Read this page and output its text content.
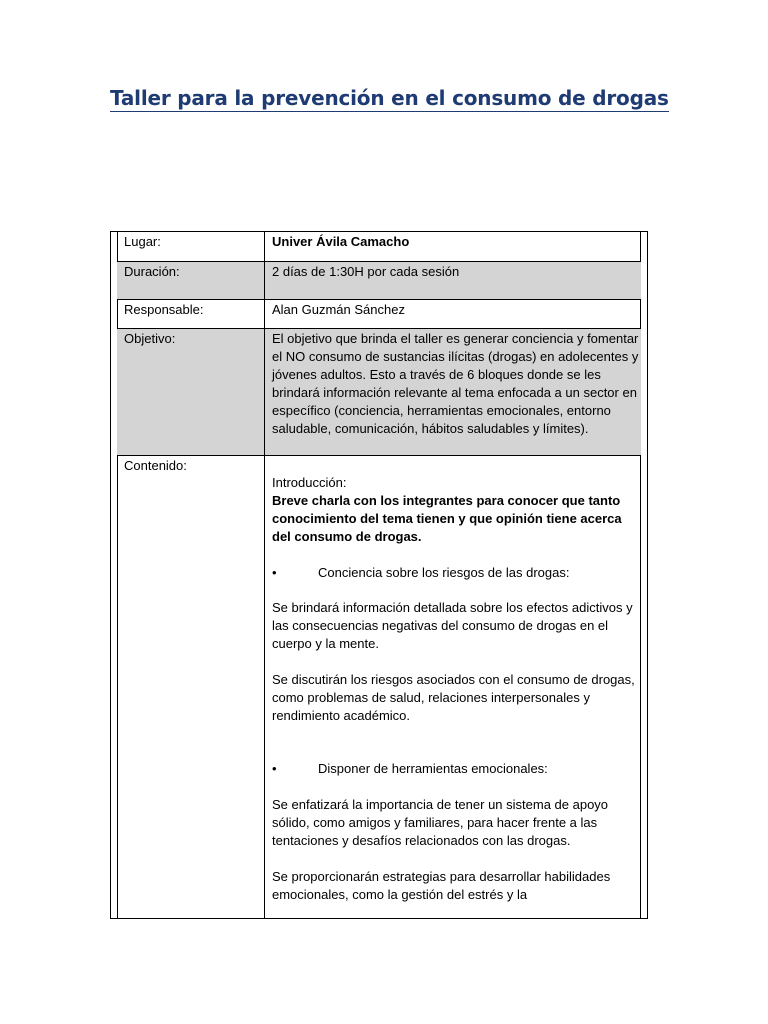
Taller para la prevención en el consumo de drogas
Lugar:	Univer Ávila Camacho
Duración:	2 días de 1:30H por cada sesión
Responsable:	Alan Guzmán Sánchez
Objetivo:	El objetivo que brinda el taller es generar conciencia y fomentar el NO consumo de sustancias ilícitas (drogas) en adolecentes y jóvenes adultos. Esto a través de 6 bloques donde se les brindará información relevante al tema enfocada a un sector en específico (conciencia, herramientas emocionales, entorno saludable, comunicación, hábitos saludables y límites).
Contenido:

Introducción:

Breve charla con los integrantes para conocer que tanto conocimiento del tema tienen y que opinión tiene acerca del consumo de drogas.

•	Conciencia sobre los riesgos de las drogas:

Se brindará información detallada sobre los efectos adictivos y las consecuencias negativas del consumo de drogas en el cuerpo y la mente.

Se discutirán los riesgos asociados con el consumo de drogas, como problemas de salud, relaciones interpersonales y rendimiento académico.

•	Disponer de herramientas emocionales:

Se enfatizará la importancia de tener un sistema de apoyo sólido, como amigos y familiares, para hacer frente a las tentaciones y desafíos relacionados con las drogas.

Se proporcionarán estrategias para desarrollar habilidades emocionales, como la gestión del estrés y la
